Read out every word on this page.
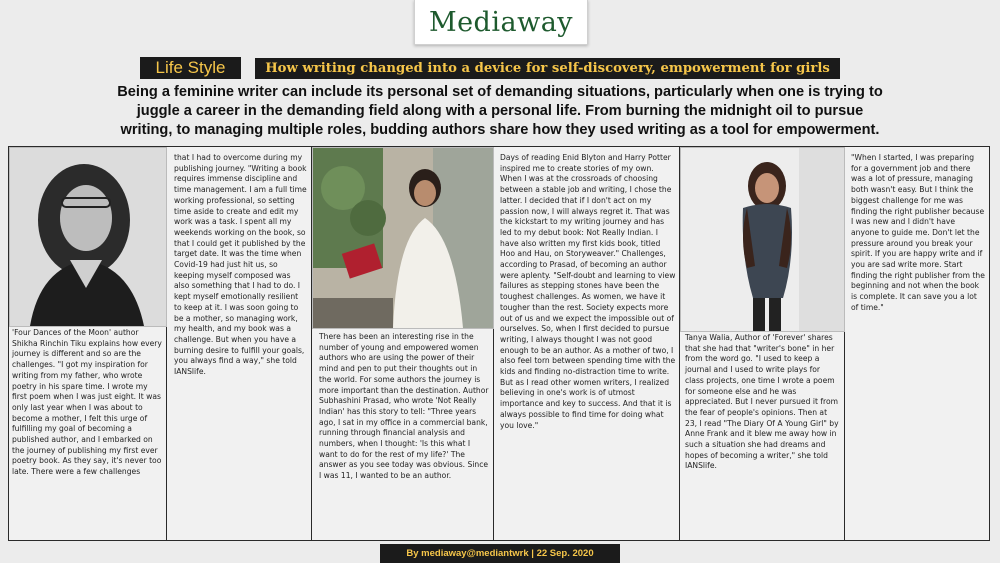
Mediaway
Life Style	How writing changed into a device for self-discovery, empowerment for girls
Being a feminine writer can include its personal set of demanding situations, particularly when one is trying to juggle a career in the demanding field along with a personal life. From burning the midnight oil to pursue writing, to managing multiple roles, budding authors share how they used writing as a tool for empowerment.

'Four Dances of the Moon' author Shikha Rinchin Tiku explains how every journey is different and so are the challenges. "I got my inspiration for writing from my father, who wrote poetry in his spare time. I wrote my first poem when I was just eight. It was only last year when I was about to become a mother, I felt this urge of fulfilling my goal of becoming a published author, and I embarked on the journey of publishing my first ever poetry book. As they say, it's never too late. There were a few challenges

that I had to overcome during my publishing journey. "Writing a book requires immense discipline and time management. I am a full time working professional, so setting time aside to create and edit my work was a task. I spent all my weekends working on the book, so that I could get it published by the target date. It was the time when Covid-19 had just hit us, so keeping myself composed was also something that I had to do. I kept myself emotionally resilient to keep at it. I was soon going to be a mother, so managing work, my health, and my book was a challenge. But when you have a burning desire to fulfill your goals, you always find a way," she told IANSlife.

There has been an interesting rise in the number of young and empowered women authors who are using the power of their mind and pen to put their thoughts out in the world. For some authors the journey is more important than the destination. Author Subhashini Prasad, who wrote 'Not Really Indian' has this story to tell: "Three years ago, I sat in my office in a commercial bank, running through financial analysis and numbers, when I thought: 'Is this what I want to do for the rest of my life?' The answer as you see today was obvious. Since I was 11, I wanted to be an author.

Days of reading Enid Blyton and Harry Potter inspired me to create stories of my own. When I was at the crossroads of choosing between a stable job and writing, I chose the latter. I decided that if I don't act on my passion now, I will always regret it. That was the kickstart to my writing journey and has led to my debut book: Not Really Indian. I have also written my first kids book, titled Hoo and Hau, on Storyweaver." Challenges, according to Prasad, of becoming an author were aplenty. "Self-doubt and learning to view failures as stepping stones have been the toughest challenges. As women, we have it tougher than the rest. Society expects more out of us and we expect the impossible out of ourselves. So, when I first decided to pursue writing, I always thought I was not good enough to be an author. As a mother of two, I also feel torn between spending time with the kids and finding no-distraction time to write. But as I read other women writers, I realized believing in one's work is of utmost importance and key to success. And that it is always possible to find time for doing what you love."

Tanya Walia, Author of 'Forever' shares that she had that "writer's bone" in her from the word go. "I used to keep a journal and I used to write plays for class projects, one time I wrote a poem for someone else and he was appreciated. But I never pursued it from the fear of people's opinions. Then at 23, I read "The Diary Of A Young Girl" by Anne Frank and it blew me away how in such a situation she had dreams and hopes of becoming a writer," she told IANSlife.

"When I started, I was preparing for a government job and there was a lot of pressure, managing both wasn't easy. But I think the biggest challenge for me was finding the right publisher because I was new and I didn't have anyone to guide me. Don't let the pressure around you break your spirit. If you are happy write and if you are sad write more. Start finding the right publisher from the beginning and not when the book is complete. It can save you a lot of time."

By mediaway@mediantwrk | 22 Sep. 2020
